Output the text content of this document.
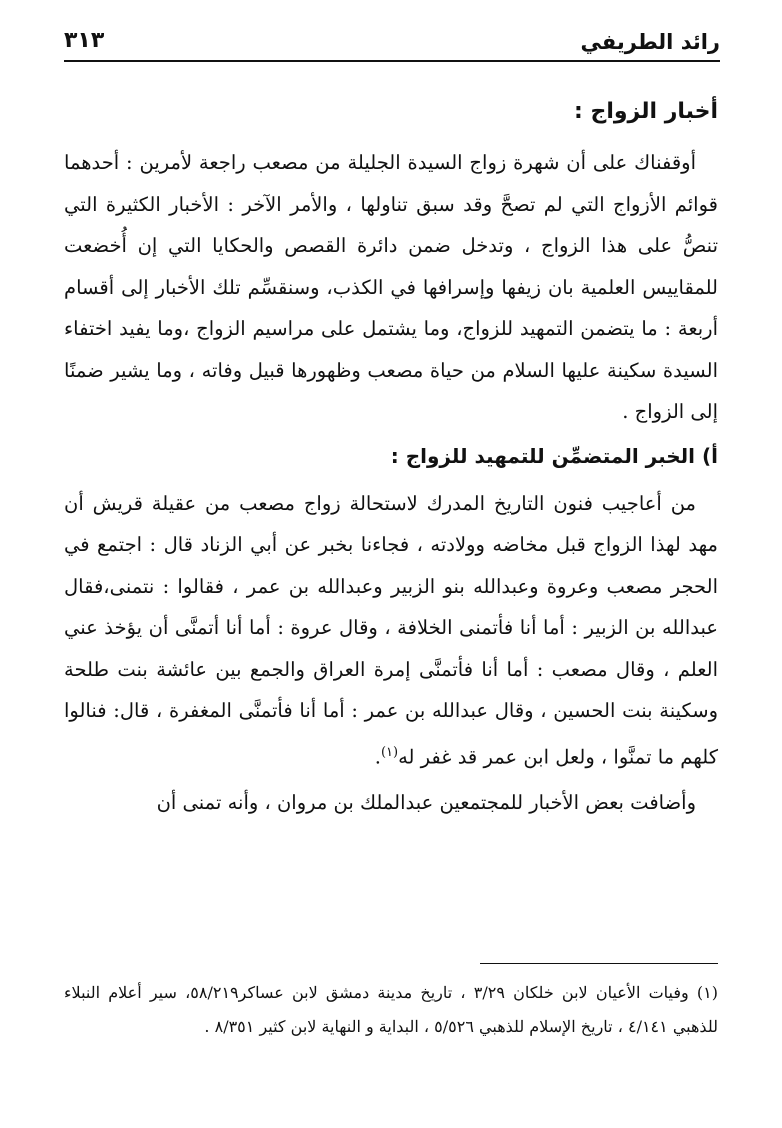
رائد الطريفي
٣١٣
أخبار الزواج :

أوقفناك على أن شهرة زواج السيدة الجليلة من مصعب راجعة لأمرين : أحدهما قوائم الأزواج التي لم تصحَّ وقد سبق تناولها ، والأمر الآخر : الأخبار الكثيرة التي تنصُّ على هذا الزواج ، وتدخل ضمن دائرة القصص والحكايا التي إن أُخضعت للمقاييس العلمية بان زيفها وإسرافها في الكذب، وسنقسِّم تلك الأخبار إلى أقسام أربعة : ما يتضمن التمهيد للزواج، وما يشتمل على مراسيم الزواج ،وما يفيد اختفاء السيدة سكينة عليها السلام من حياة مصعب وظهورها قبيل وفاته ، وما يشير ضمنًا إلى الزواج .

أ) الخبر المتضمِّن للتمهيد للزواج :

من أعاجيب فنون التاريخ المدرك لاستحالة زواج مصعب من عقيلة قريش أن مهد لهذا الزواج قبل مخاضه وولادته ، فجاءنا بخبر عن أبي الزناد قال : اجتمع في الحجر مصعب وعروة وعبدالله بنو الزبير وعبدالله بن عمر ، فقالوا : نتمنى،فقال عبدالله بن الزبير : أما أنا فأتمنى الخلافة ، وقال عروة : أما أنا أتمنَّى أن يؤخذ عني العلم ، وقال مصعب : أما أنا فأتمنَّى إمرة العراق والجمع بين عائشة بنت طلحة وسكينة بنت الحسين ، وقال عبدالله بن عمر : أما أنا فأتمنَّى المغفرة ، قال: فنالوا كلهم ما تمنَّوا ، ولعل ابن عمر قد غفر له$^{(١)}$.

وأضافت بعض الأخبار للمجتمعين عبدالملك بن مروان ، وأنه تمنى أن

(١) وفيات الأعيان لابن خلكان ٣/٢٩ ، تاريخ مدينة دمشق لابن عساكر٥٨/٢١٩، سير أعلام النبلاء للذهبي ٤/١٤١ ، تاريخ الإسلام للذهبي ٥/٥٢٦ ، البداية و النهاية لابن كثير ٨/٣٥١ .
